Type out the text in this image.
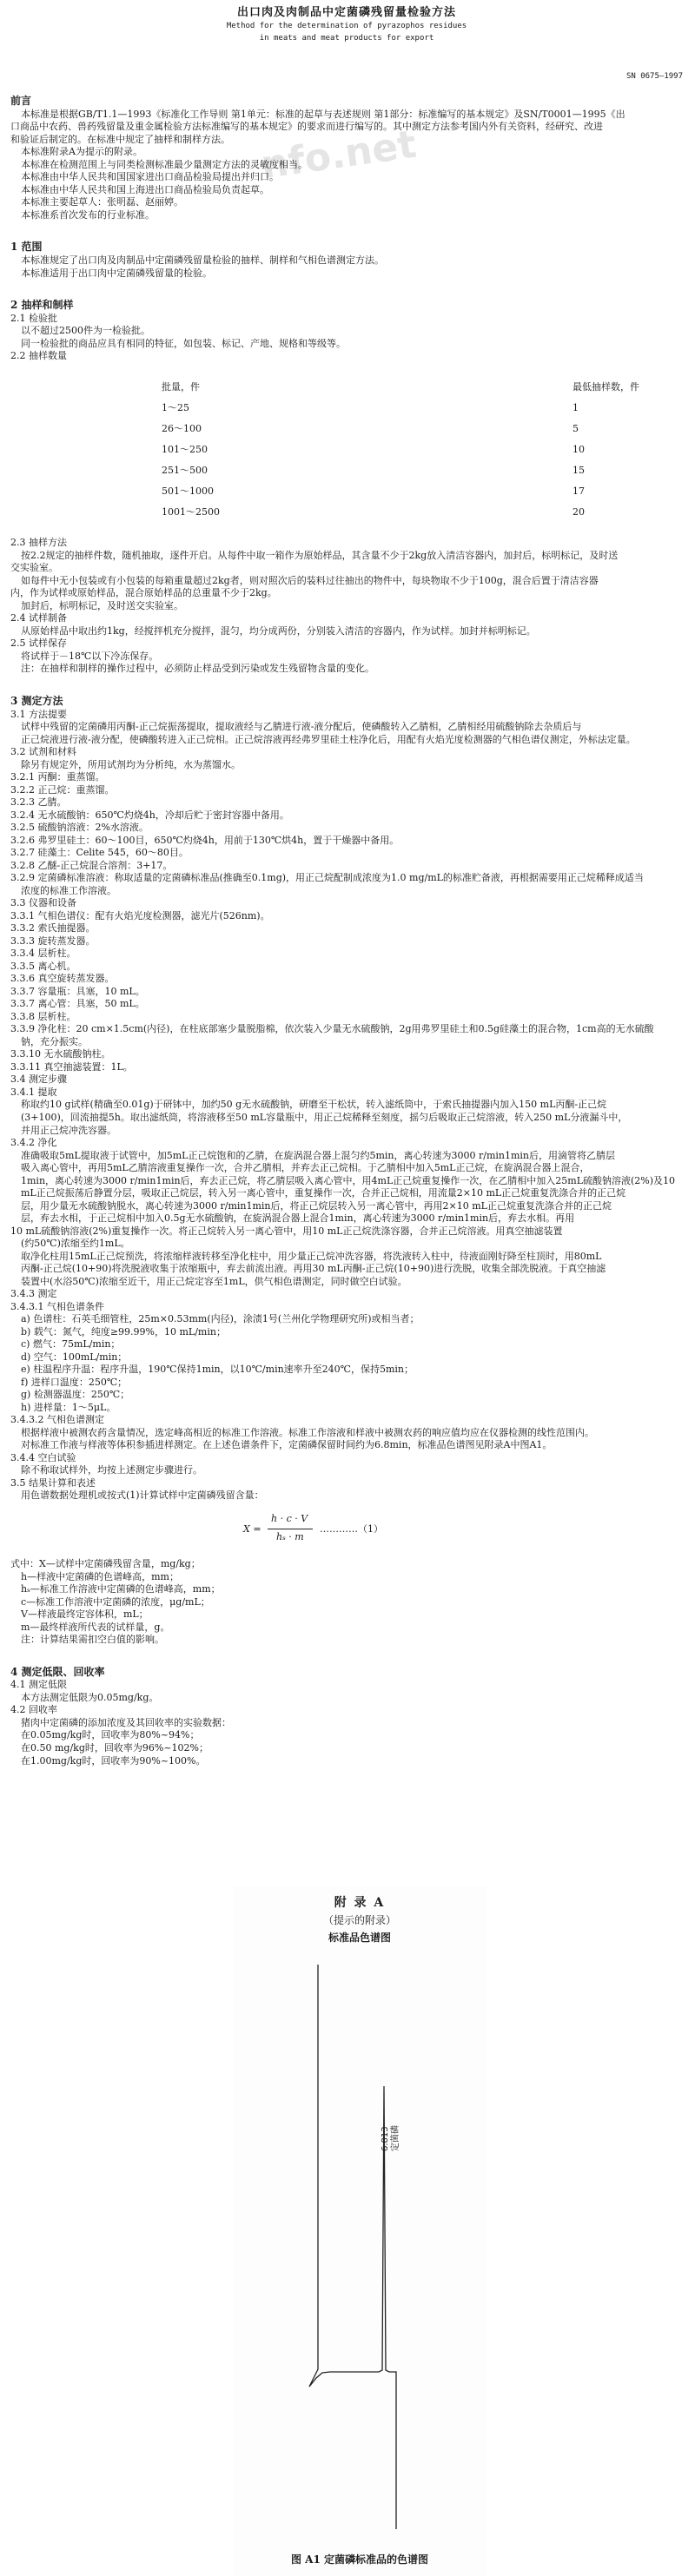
nfo.net
出口肉及肉制品中定菌磷残留量检验方法
Method for the determination of pyrazophos residues
in meats and meat products for export
SN 0675—1997
前言

本标准是根据GB/T1.1—1993《标准化工作导则 第1单元：标准的起草与表述规则 第1部分：标准编写的基本规定》及SN/T0001—1995《出

口商品中农药、兽药残留量及重金属检验方法标准编写的基本规定》的要求而进行编写的。其中测定方法参考国内外有关资料，经研究、改进

和验证后制定的。在标准中规定了抽样和制样方法。

本标准附录A为提示的附录。

本标准在检测范围上与同类检测标准最少量测定方法的灵敏度相当。

本标准由中华人民共和国国家进出口商品检验局提出并归口。

本标准由中华人民共和国上海进出口商品检验局负责起草。

本标准主要起草人：张明磊、赵丽婷。

本标准系首次发布的行业标准。

1 范围

本标准规定了出口肉及肉制品中定菌磷残留量检验的抽样、制样和气相色谱测定方法。

本标准适用于出口肉中定菌磷残留量的检验。

2 抽样和制样

2.1 检验批

以不超过2500件为一检验批。

同一检验批的商品应具有相同的特征，如包装、标记、产地、规格和等级等。

2.2 抽样数量

批量，件	最低抽样数，件
1～25	1
26～100	5
101～250	10
251～500	15
501～1000	17
1001～2500	20

2.3 抽样方法

按2.2规定的抽样件数，随机抽取，逐件开启。从每件中取一箱作为原始样品，其含量不少于2kg放入清洁容器内，加封后，标明标记，及时送

交实验室。

如每件中无小包装或有小包装的每箱重量超过2kg者，则对照次后的装料过往抽出的物件中，每块物取不少于100g，混合后置于清洁容器

内，作为试样或原始样品，混合原始样品的总重量不少于2kg。

加封后，标明标记，及时送交实验室。

2.4 试样制备

从原始样品中取出约1kg，经搅拌机充分搅拌，混匀，均分成两份，分别装入清洁的容器内，作为试样。加封并标明标记。

2.5 试样保存

将试样于－18℃以下冷冻保存。

注：在抽样和制样的操作过程中，必须防止样品受到污染或发生残留物含量的变化。

3 测定方法

3.1 方法提要

试样中残留的定菌磷用丙酮-正己烷振荡提取，提取液经与乙腈进行液-液分配后，使磷酸转入乙腈相，乙腈相经用硫酸钠除去杂质后与

正己烷液进行液-液分配，使磷酸转进入正己烷相。正己烷溶液再经弗罗里硅土柱净化后，用配有火焰光度检测器的气相色谱仪测定，外标法定量。

3.2 试剂和材料

除另有规定外，所用试剂均为分析纯，水为蒸馏水。

3.2.1 丙酮：重蒸馏。

3.2.2 正己烷：重蒸馏。

3.2.3 乙腈。

3.2.4 无水硫酸钠：650℃灼烧4h，冷却后贮于密封容器中备用。

3.2.5 硫酸钠溶液：2%水溶液。

3.2.6 弗罗里硅土：60～100目，650℃灼烧4h，用前于130℃烘4h，置于干燥器中备用。

3.2.7 硅藻土：Celite 545，60～80目。

3.2.8 乙醚-正己烷混合溶剂：3+17。

3.2.9 定菌磷标准溶液：称取适量的定菌磷标准品(推确至0.1mg)，用正己烷配制成浓度为1.0 mg/mL的标准贮备液，再根据需要用正己烷稀释成适当

浓度的标准工作溶液。

3.3 仪器和设备

3.3.1 气相色谱仪：配有火焰光度检测器，滤光片(526nm)。

3.3.2 索氏抽提器。

3.3.3 旋转蒸发器。

3.3.4 层析柱。

3.3.5 离心机。

3.3.6 真空旋转蒸发器。

3.3.7 容量瓶：具塞，10 mL。

3.3.7 离心管：具塞，50 mL。

3.3.8 层析柱。

3.3.9 净化柱：20 cm×1.5cm(内径)，在柱底部塞少量脱脂棉，依次装入少量无水硫酸钠，2g用弗罗里硅土和0.5g硅藻土的混合物，1cm高的无水硫酸

钠，充分振实。

3.3.10 无水硫酸钠柱。

3.3.11 真空抽滤装置：1L。

3.4 测定步骤

3.4.1 提取

称取约10 g试样(精确至0.01g)于研钵中，加约50 g无水硫酸钠，研磨至干松状，转入滤纸筒中，于索氏抽提器内加入150 mL丙酮-正己烷

(3+100)，回流抽提5h。取出滤纸筒，将溶液移至50 mL容量瓶中，用正己烷稀释至刻度，摇匀后吸取正己烷溶液，转入250 mL分液漏斗中，

并用正己烷冲洗容器。

3.4.2 净化

准确吸取5mL提取液于试管中，加5mL正己烷饱和的乙腈，在旋涡混合器上混匀约5min，离心转速为3000 r/min1min后，用滴管将乙腈层

吸入离心管中，再用5mL乙腈溶液重复操作一次，合并乙腈相，并弃去正己烷相。于乙腈相中加入5mL正己烷，在旋涡混合器上混合，

1min，离心转速为3000 r/min1min后，弃去正己烷，将乙腈层吸入离心管中，用4mL正己烷重复操作一次，在乙腈相中加入25mL硫酸钠溶液(2%)及10

mL正己烷振荡后静置分层，吸取正己烷层，转入另一离心管中，重复操作一次，合并正己烷相，用流量2×10 mL正己烷重复洗涤合并的正己烷

层，用少量无水硫酸钠脱水，离心转速为3000 r/min1min后，将正己烷层转入另一离心管中，再用2×10 mL正己烷重复洗涤合并的正己烷

层，弃去水相，于正己烷相中加入0.5g无水硫酸钠，在旋涡混合器上混合1min，离心转速为3000 r/min1min后，弃去水相。再用

10 mL硫酸钠溶液(2%)重复操作一次。将正己烷转入另一离心管中，用10 mL正己烷洗涤容器，合并正己烷溶液。用真空抽滤装置

(约50℃)浓缩至约1mL。

取净化柱用15mL正己烷预洗，将浓缩样液转移至净化柱中，用少量正己烷冲洗容器，将洗液转入柱中，待液面刚好降至柱顶时，用80mL

丙酮-正己烷(10+90)将洗脱液收集于浓缩瓶中，弃去前流出液。再用30 mL丙酮-正己烷(10+90)进行洗脱，收集全部洗脱液。于真空抽滤

装置中(水浴50℃)浓缩至近干，用正己烷定容至1mL，供气相色谱测定，同时做空白试验。

3.4.3 测定

3.4.3.1 气相色谱条件

a) 色谱柱：石英毛细管柱，25m×0.53mm(内径)，涂渍1号(兰州化学物理研究所)或相当者；

b) 载气：氮气，纯度≥99.99%，10 mL/min；

c) 燃气：75mL/min；

d) 空气：100mL/min；

e) 柱温程序升温：程序升温，190℃保持1min，以10℃/min速率升至240℃，保持5min；

f) 进样口温度：250℃；

g) 检测器温度：250℃；

h) 进样量：1～5μL。

3.4.3.2 气相色谱测定

根据样液中被测农药含量情况，选定峰高相近的标准工作溶液。标准工作溶液和样液中被测农药的响应值均应在仪器检测的线性范围内。

对标准工作液与样液等体积参插进样测定。在上述色谱条件下，定菌磷保留时间约为6.8min，标准品色谱图见附录A中图A1。

3.4.4 空白试验

除不称取试样外，均按上述测定步骤进行。

3.5 结果计算和表述

用色谱数据处理机或按式(1)计算试样中定菌磷残留含量：

X =
h · c · V
hₛ · m
…………（1）

式中：X—试样中定菌磷残留含量，mg/kg；

h—样液中定菌磷的色谱峰高，mm；

hₛ—标准工作溶液中定菌磷的色谱峰高，mm；

c—标准工作溶液中定菌磷的浓度，μg/mL；

V—样液最终定容体积，mL；

m—最终样液所代表的试样量，g。

注：计算结果需扣空白值的影响。

4 测定低限、回收率

4.1 测定低限

本方法测定低限为0.05mg/kg。

4.2 回收率

猪肉中定菌磷的添加浓度及其回收率的实验数据：

在0.05mg/kg时，回收率为80%~94%；

在0.50 mg/kg时，回收率为96%~102%；

在1.00mg/kg时，回收率为90%~100%。

附 录 A
（提示的附录）
标准品色谱图
6.813 定菌磷
图 A1 定菌磷标准品的色谱图
